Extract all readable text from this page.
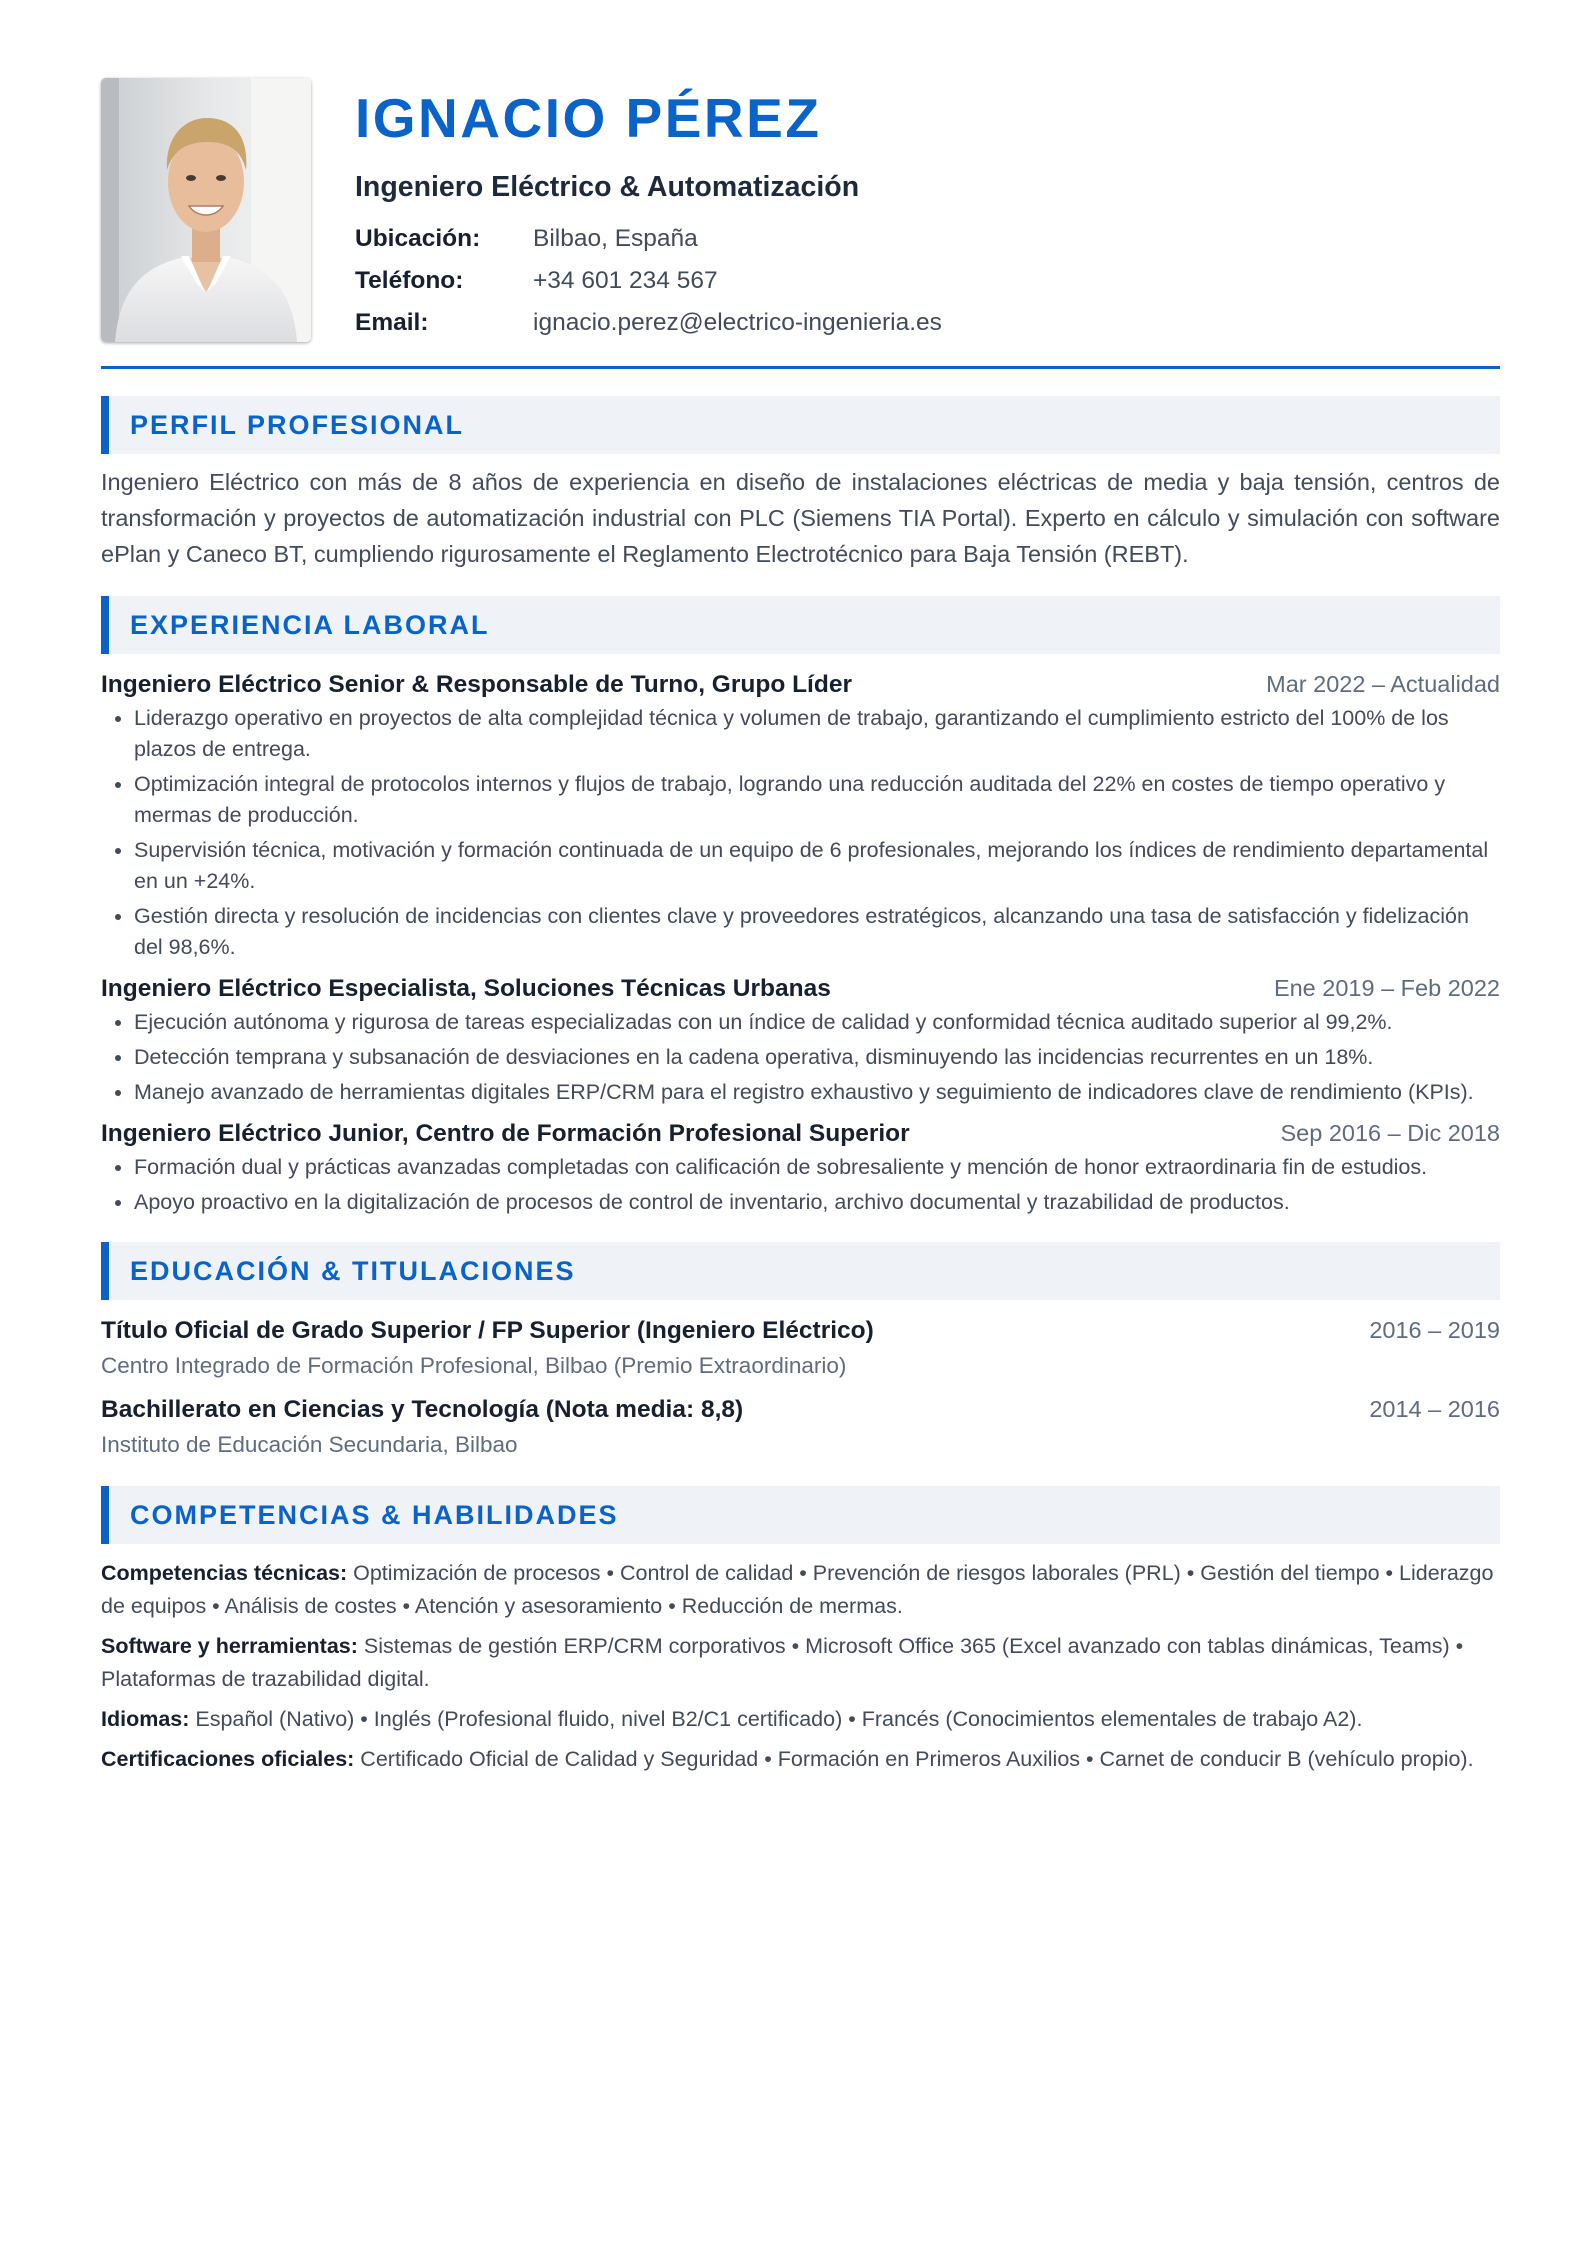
IGNACIO PÉREZ
Ingeniero Eléctrico & Automatización
Ubicación:	Bilbao, España
Teléfono:	+34 601 234 567
Email:	ignacio.perez@electrico-ingenieria.es
PERFIL PROFESIONAL

Ingeniero Eléctrico con más de 8 años de experiencia en diseño de instalaciones eléctricas de media y baja tensión, centros de transformación y proyectos de automatización industrial con PLC (Siemens TIA Portal). Experto en cálculo y simulación con software ePlan y Caneco BT, cumpliendo rigurosamente el Reglamento Electrotécnico para Baja Tensión (REBT).

EXPERIENCIA LABORAL
Ingeniero Eléctrico Senior & Responsable de Turno, Grupo Líder	Mar 2022 – Actualidad
• Liderazgo operativo en proyectos de alta complejidad técnica y volumen de trabajo, garantizando el cumplimiento estricto del 100% de los plazos de entrega.
• Optimización integral de protocolos internos y flujos de trabajo, logrando una reducción auditada del 22% en costes de tiempo operativo y mermas de producción.
• Supervisión técnica, motivación y formación continuada de un equipo de 6 profesionales, mejorando los índices de rendimiento departamental en un +24%.
• Gestión directa y resolución de incidencias con clientes clave y proveedores estratégicos, alcanzando una tasa de satisfacción y fidelización del 98,6%.
Ingeniero Eléctrico Especialista, Soluciones Técnicas Urbanas	Ene 2019 – Feb 2022
• Ejecución autónoma y rigurosa de tareas especializadas con un índice de calidad y conformidad técnica auditado superior al 99,2%.
• Detección temprana y subsanación de desviaciones en la cadena operativa, disminuyendo las incidencias recurrentes en un 18%.
• Manejo avanzado de herramientas digitales ERP/CRM para el registro exhaustivo y seguimiento de indicadores clave de rendimiento (KPIs).
Ingeniero Eléctrico Junior, Centro de Formación Profesional Superior	Sep 2016 – Dic 2018
• Formación dual y prácticas avanzadas completadas con calificación de sobresaliente y mención de honor extraordinaria fin de estudios.
• Apoyo proactivo en la digitalización de procesos de control de inventario, archivo documental y trazabilidad de productos.
EDUCACIÓN & TITULACIONES
Título Oficial de Grado Superior / FP Superior (Ingeniero Eléctrico)	2016 – 2019
Centro Integrado de Formación Profesional, Bilbao (Premio Extraordinario)
Bachillerato en Ciencias y Tecnología (Nota media: 8,8)	2014 – 2016
Instituto de Educación Secundaria, Bilbao
COMPETENCIAS & HABILIDADES
Competencias técnicas: Optimización de procesos • Control de calidad • Prevención de riesgos laborales (PRL) • Gestión del tiempo • Liderazgo de equipos • Análisis de costes • Atención y asesoramiento • Reducción de mermas.
Software y herramientas: Sistemas de gestión ERP/CRM corporativos • Microsoft Office 365 (Excel avanzado con tablas dinámicas, Teams) • Plataformas de trazabilidad digital.
Idiomas: Español (Nativo) • Inglés (Profesional fluido, nivel B2/C1 certificado) • Francés (Conocimientos elementales de trabajo A2).
Certificaciones oficiales: Certificado Oficial de Calidad y Seguridad • Formación en Primeros Auxilios • Carnet de conducir B (vehículo propio).
